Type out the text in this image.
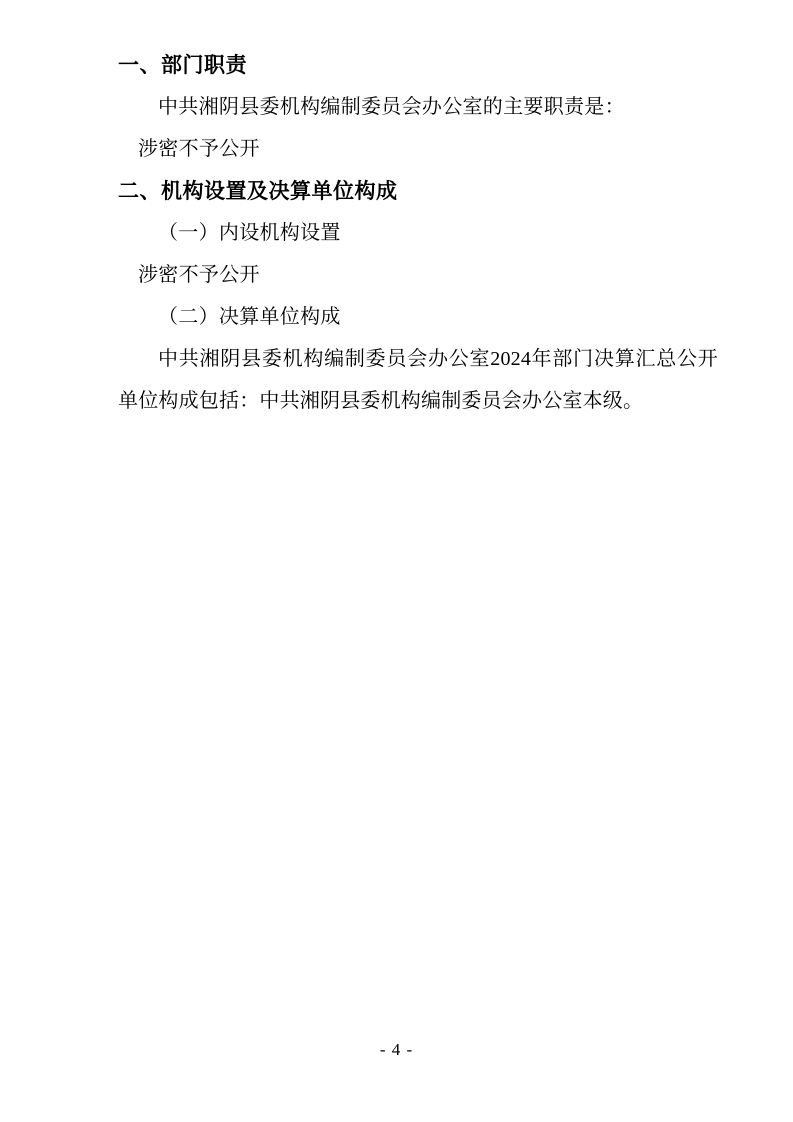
一、部门职责

中共湘阴县委机构编制委员会办公室的主要职责是：

涉密不予公开

二、机构设置及决算单位构成

（一）内设机构设置

涉密不予公开

（二）决算单位构成

中共湘阴县委机构编制委员会办公室2024年部门决算汇总公开单位构成包括：中共湘阴县委机构编制委员会办公室本级。

- 4 -
